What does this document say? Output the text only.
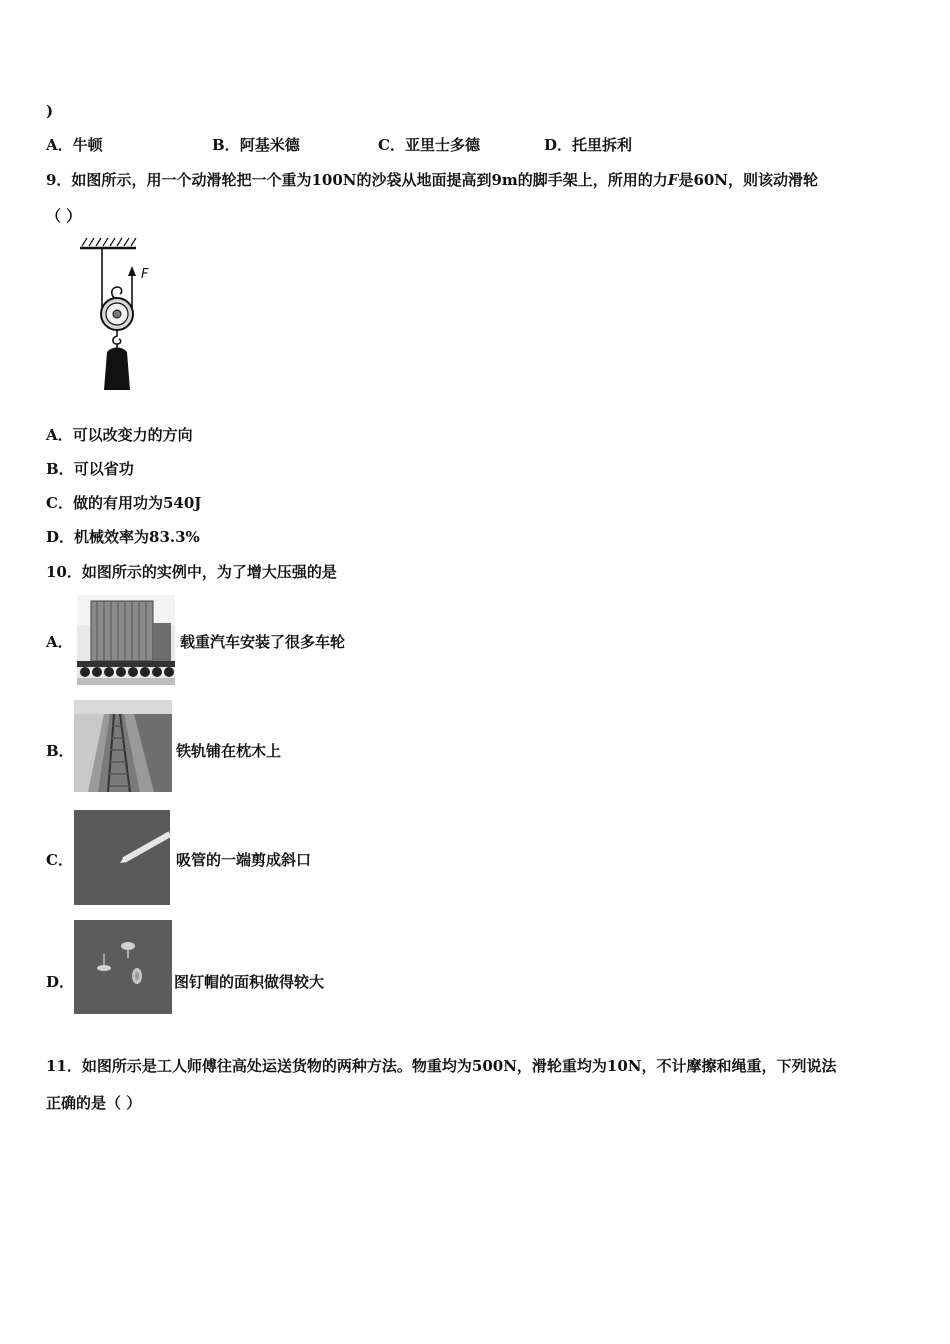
)
A．牛顿	B．阿基米德	C．亚里士多德	D．托里拆利
9．如图所示，用一个动滑轮把一个重为100N的沙袋从地面提高到9m的脚手架上，所用的力F是60N，则该动滑轮
（ ）
F
A．可以改变力的方向
B．可以省功
C．做的有用功为540J
D．机械效率为83.3%
10．如图所示的实例中，为了增大压强的是
A．	载重汽车安装了很多车轮
B．	铁轨铺在枕木上
C．	吸管的一端剪成斜口
D．	图钉帽的面积做得较大
11．如图所示是工人师傅往高处运送货物的两种方法。物重均为500N，滑轮重均为10N，不计摩擦和绳重，下列说法
正确的是（ ）
